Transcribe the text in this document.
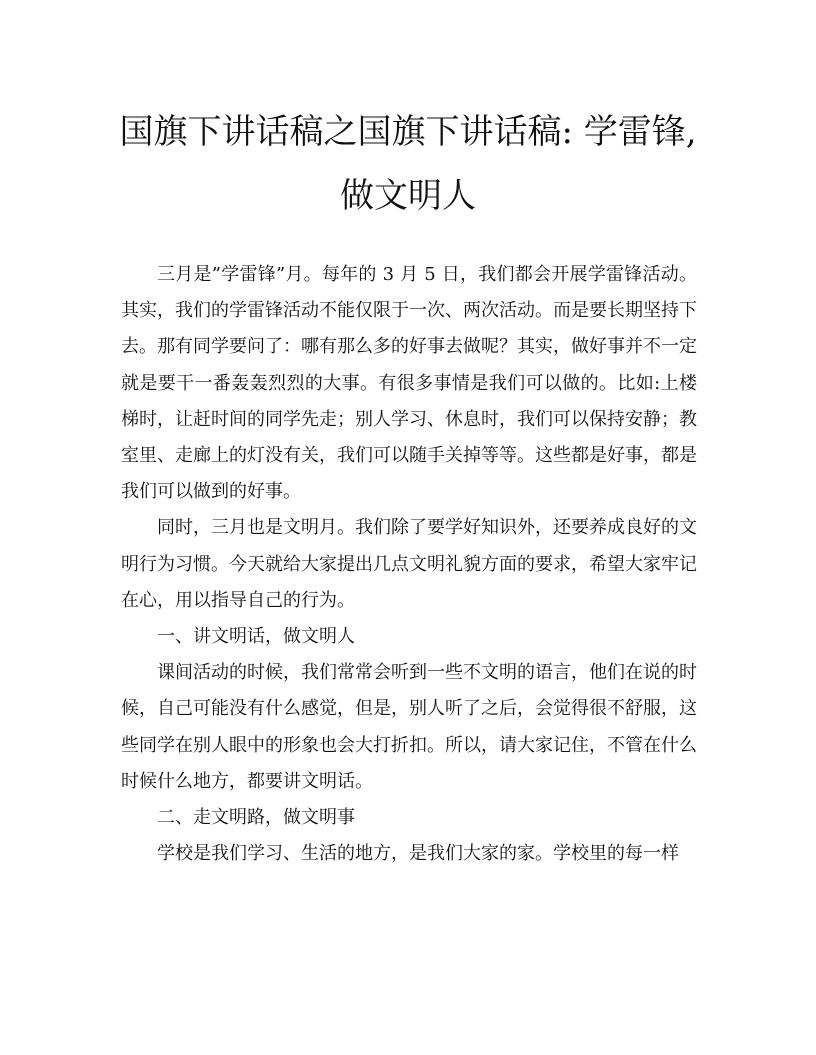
国旗下讲话稿之国旗下讲话稿: 学雷锋,
做文明人

三月是”学雷锋”月。每年的 3 月 5 日，我们都会开展学雷锋活动。其实，我们的学雷锋活动不能仅限于一次、两次活动。而是要长期坚持下去。那有同学要问了：哪有那么多的好事去做呢？其实，做好事并不一定就是要干一番轰轰烈烈的大事。有很多事情是我们可以做的。比如:上楼梯时，让赶时间的同学先走；别人学习、休息时，我们可以保持安静；教室里、走廊上的灯没有关，我们可以随手关掉等等。这些都是好事，都是我们可以做到的好事。

同时，三月也是文明月。我们除了要学好知识外，还要养成良好的文明行为习惯。今天就给大家提出几点文明礼貌方面的要求，希望大家牢记在心，用以指导自己的行为。

一、讲文明话，做文明人

课间活动的时候，我们常常会听到一些不文明的语言，他们在说的时候，自己可能没有什么感觉，但是，别人听了之后，会觉得很不舒服，这些同学在别人眼中的形象也会大打折扣。所以，请大家记住，不管在什么时候什么地方，都要讲文明话。

二、走文明路，做文明事

学校是我们学习、生活的地方，是我们大家的家。学校里的每一样
